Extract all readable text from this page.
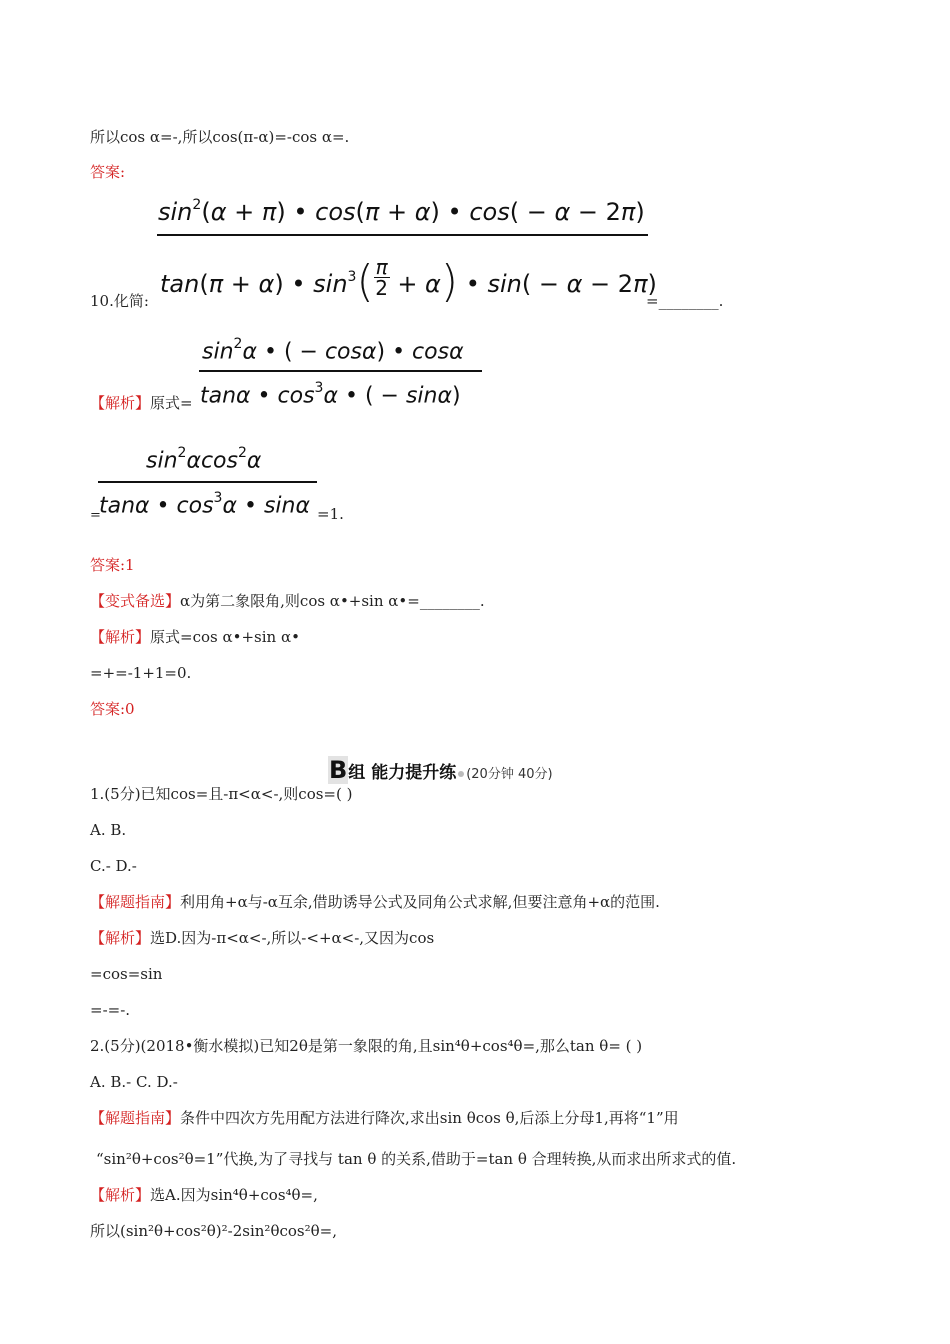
所以cos α=-,所以cos(π-α)=-cos α=.
答案:
$\sin^2(\alpha + \pi)$ • cos(π + α) • cos( − α − 2π)
tan(π + α) • $\sin^3( \frac{\pi}{2} + \alpha)$ • sin( − α − 2π)
10.化简:	=________.
$\sin^2\alpha$ • ( − cosα) • cosα
tanα • $\cos^3\alpha$ • ( − sinα)
【解析】原式=
$\sin^2\alpha\cos^2\alpha$
tanα • $\cos^3\alpha$ • sinα
=	=1.
答案:1
【变式备选】α为第二象限角,则cos α•+sin α•=________.
【解析】原式=cos α•+sin α•
=+=-1+1=0.
答案:0
B组 能力提升练 (20分钟 40分)
1.(5分)已知cos=且-π<α<-,则cos=( )
A. B.
C.- D.-
【解题指南】利用角+α与-α互余,借助诱导公式及同角公式求解,但要注意角+α的范围.
【解析】选D.因为-π<α<-,所以-<+α<-,又因为cos
=cos=sin
=-=-.
2.(5分)(2018•衡水模拟)已知2θ是第一象限的角,且sin⁴θ+cos⁴θ=,那么tan θ= ( )
A. B.- C. D.-
【解题指南】条件中四次方先用配方法进行降次,求出sin θcos θ,后添上分母1,再将“1”用
“sin²θ+cos²θ=1”代换,为了寻找与 tan θ 的关系,借助于=tan θ 合理转换,从而求出所求式的值.
【解析】选A.因为sin⁴θ+cos⁴θ=,
所以(sin²θ+cos²θ)²-2sin²θcos²θ=,
